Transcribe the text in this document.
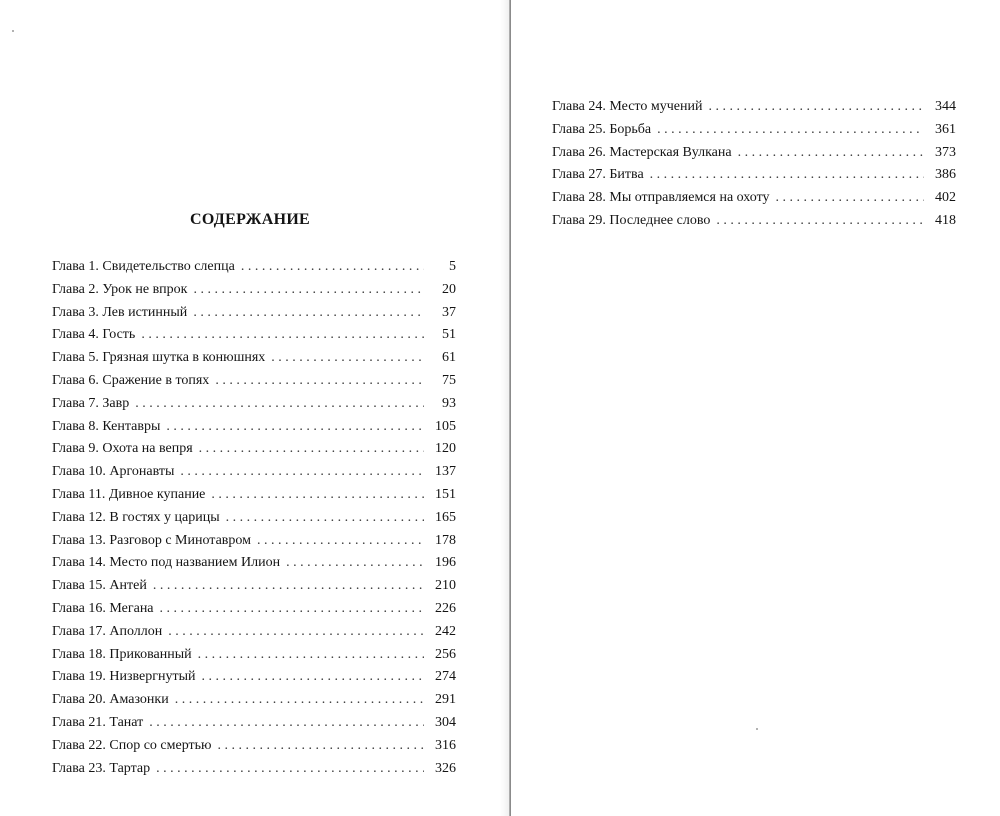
СОДЕРЖАНИЕ
Глава 1. Свидетельство слепца . . .	5
Глава 2. Урок не впрок . . .	20
Глава 3. Лев истинный . . .	37
Глава 4. Гость . . .	51
Глава 5. Грязная шутка в конюшнях . . .	61
Глава 6. Сражение в топях . . .	75
Глава 7. Завр . . .	93
Глава 8. Кентавры . . .	105
Глава 9. Охота на вепря . . .	120
Глава 10. Аргонавты . . .	137
Глава 11. Дивное купание . . .	151
Глава 12. В гостях у царицы . . .	165
Глава 13. Разговор с Минотавром . . .	178
Глава 14. Место под названием Илион . . .	196
Глава 15. Антей . . .	210
Глава 16. Мегана . . .	226
Глава 17. Аполлон . . .	242
Глава 18. Прикованный . . .	256
Глава 19. Низвергнутый . . .	274
Глава 20. Амазонки . . .	291
Глава 21. Танат . . .	304
Глава 22. Спор со смертью . . .	316
Глава 23. Тартар . . .	326
Глава 24. Место мучений . . .	344
Глава 25. Борьба . . .	361
Глава 26. Мастерская Вулкана . . .	373
Глава 27. Битва . . .	386
Глава 28. Мы отправляемся на охоту . . .	402
Глава 29. Последнее слово . . .	418
